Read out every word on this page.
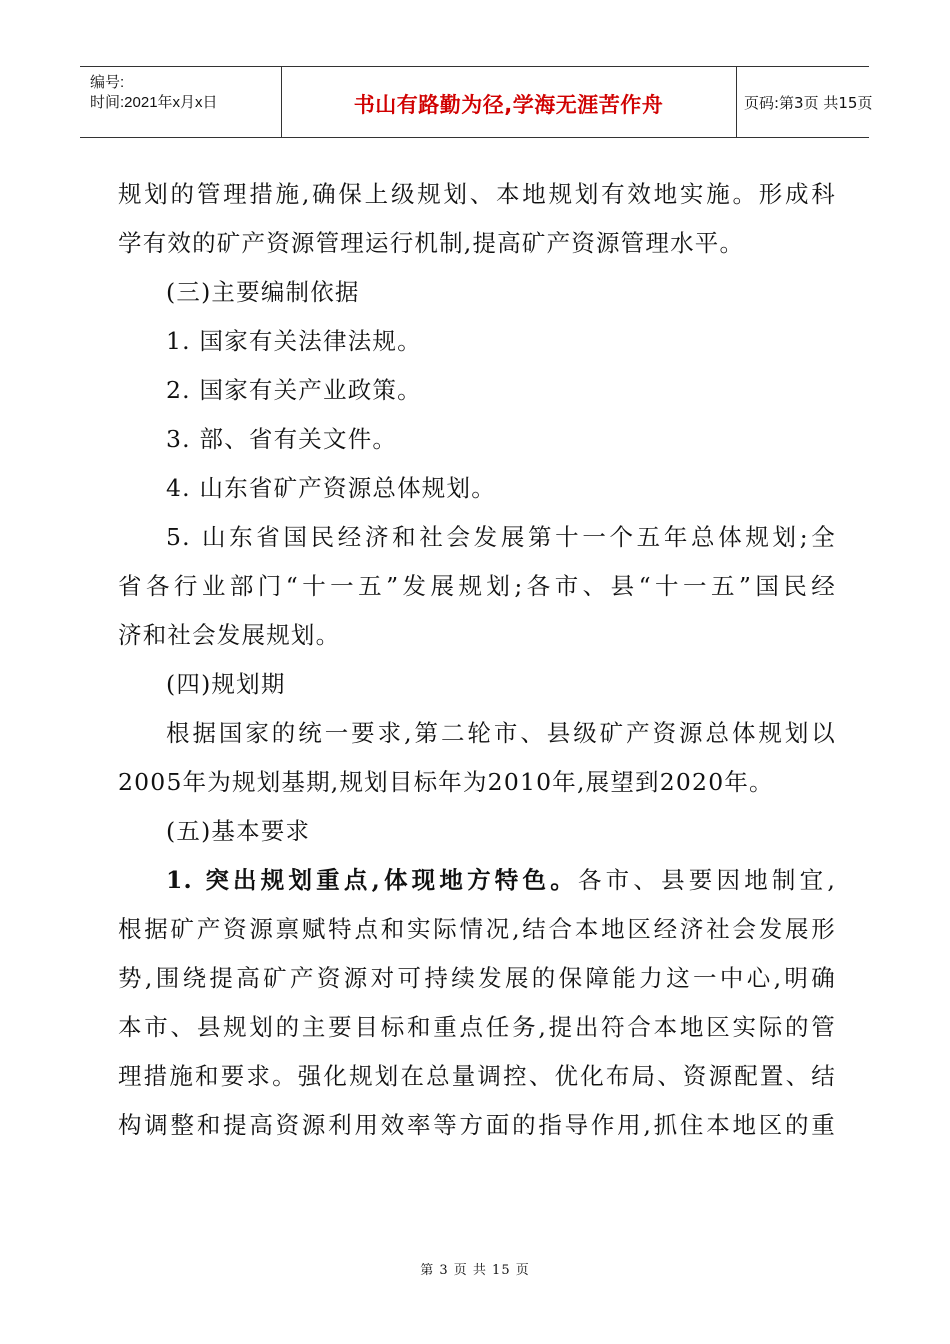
编号:
时间:2021年x月x日	书山有路勤为径,学海无涯苦作舟	页码:第3页 共15页
规划的管理措施,确保上级规划、本地规划有效地实施。形成科
学有效的矿产资源管理运行机制,提高矿产资源管理水平。
(三)主要编制依据
1. 国家有关法律法规。
2. 国家有关产业政策。
3. 部、省有关文件。
4. 山东省矿产资源总体规划。
5. 山东省国民经济和社会发展第十一个五年总体规划;全
省各行业部门“十一五”发展规划;各市、县“十一五”国民经
济和社会发展规划。
(四)规划期
根据国家的统一要求,第二轮市、县级矿产资源总体规划以
2005年为规划基期,规划目标年为2010年,展望到2020年。
(五)基本要求
1. 突出规划重点,体现地方特色。各市、县要因地制宜,
根据矿产资源禀赋特点和实际情况,结合本地区经济社会发展形
势,围绕提高矿产资源对可持续发展的保障能力这一中心,明确
本市、县规划的主要目标和重点任务,提出符合本地区实际的管
理措施和要求。强化规划在总量调控、优化布局、资源配置、结
构调整和提高资源利用效率等方面的指导作用,抓住本地区的重
第 3 页 共 15 页
